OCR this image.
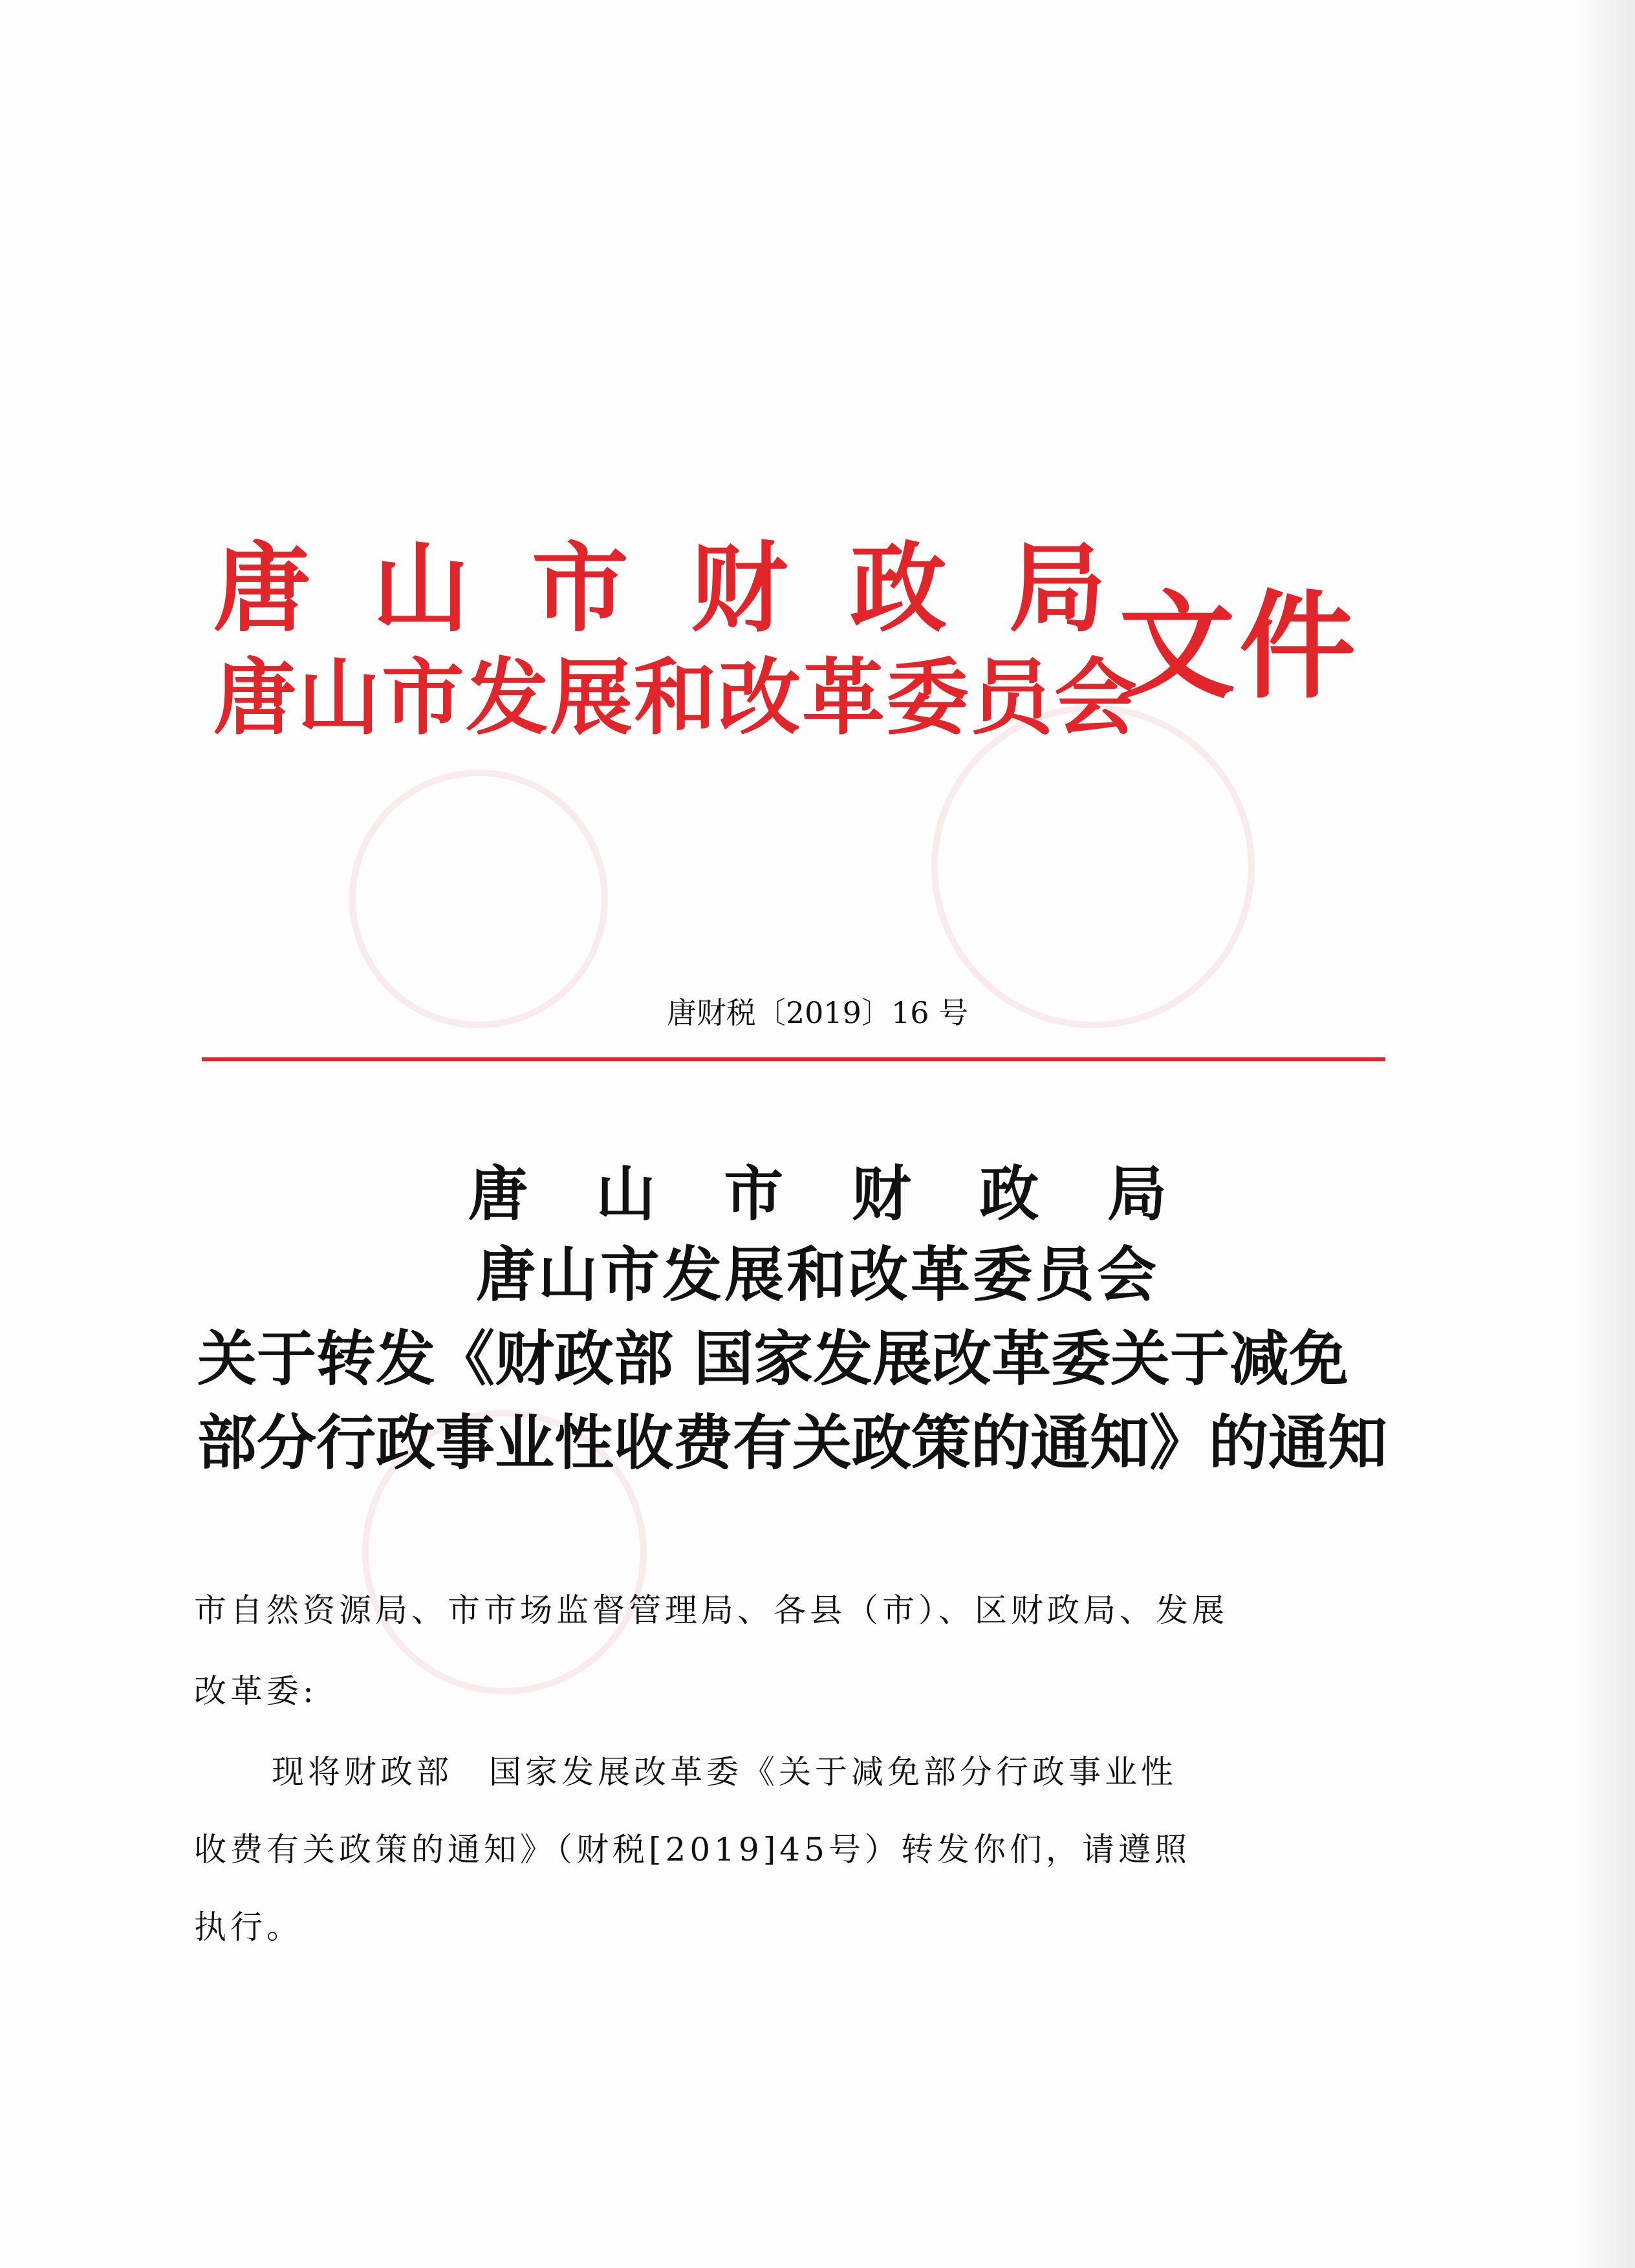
唐 山 市 财 政 局
唐山市发展和改革委员会
文件
唐财税〔2019〕16 号
唐 山 市 财 政 局
唐山市发展和改革委员会
关于转发《财政部 国家发展改革委关于减免
部分行政事业性收费有关政策的通知》的通知
市自然资源局、市市场监督管理局、各县（市）、区财政局、发展
改革委:
现将财政部　国家发展改革委《关于减免部分行政事业性
收费有关政策的通知》（财税[2019]45号）转发你们，请遵照
执行。
